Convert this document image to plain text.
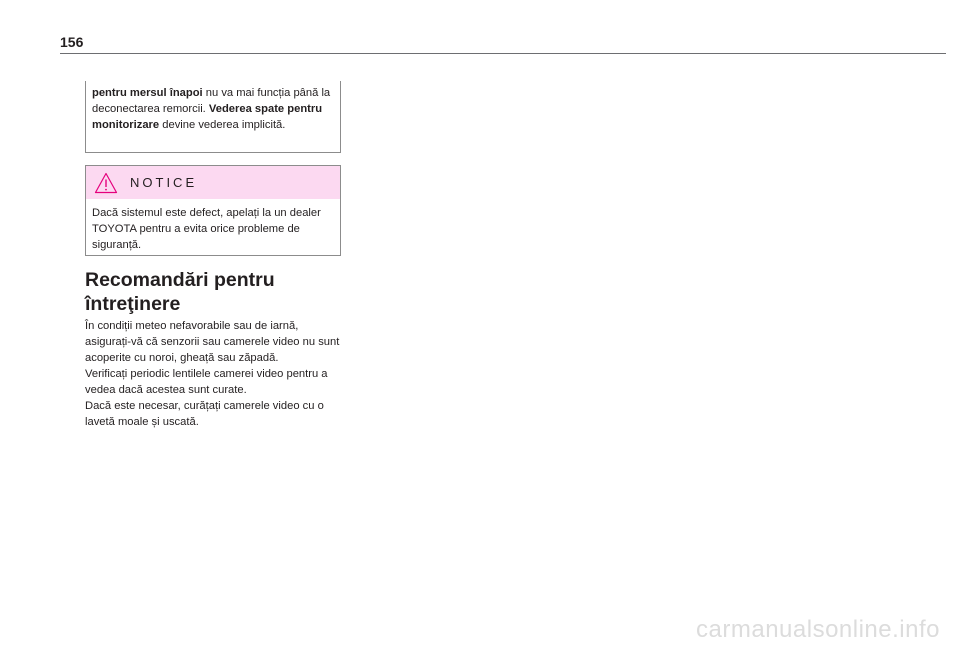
156
pentru mersul înapoi nu va mai funcția până la deconectarea remorcii. Vederea spate pentru monitorizare devine vederea implicită.
NOTICE
Dacă sistemul este defect, apelați la un dealer TOYOTA pentru a evita orice probleme de siguranță.
Recomandări pentru întreţinere

În condiții meteo nefavorabile sau de iarnă, asigurați-vă că senzorii sau camerele video nu sunt acoperite cu noroi, gheață sau zăpadă.

Verificați periodic lentilele camerei video pentru a vedea dacă acestea sunt curate.

Dacă este necesar, curățați camerele video cu o lavetă moale și uscată.

carmanualsonline.info
